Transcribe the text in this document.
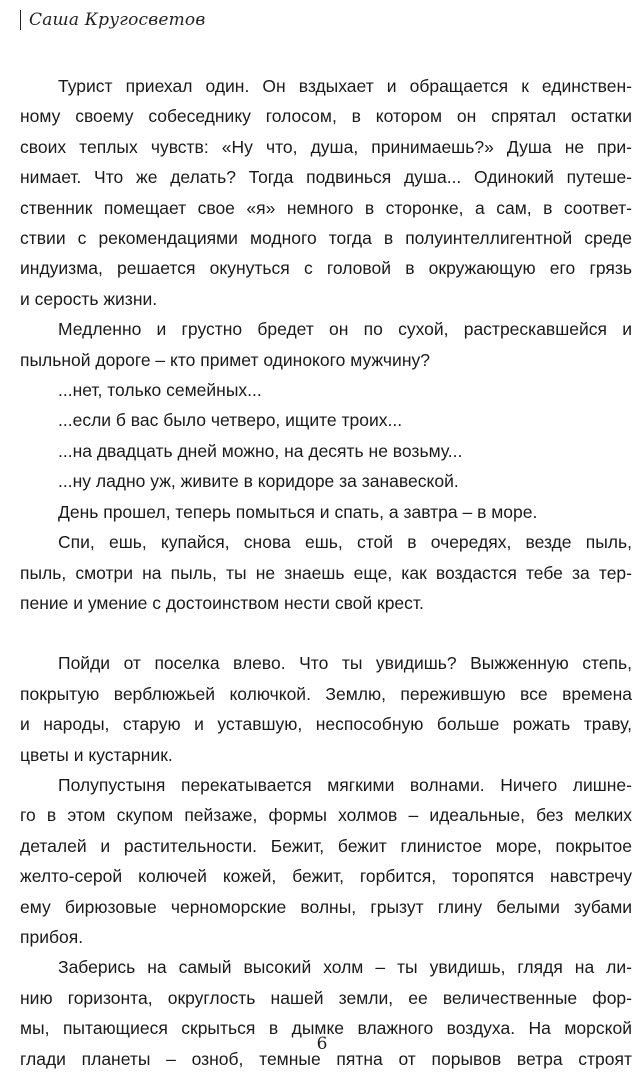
Саша Кругосветов
Турист приехал один. Он вздыхает и обращается к единствен-
ному своему собеседнику голосом, в котором он спрятал остатки
своих теплых чувств: «Ну что, душа, принимаешь?» Душа не при-
нимает. Что же делать? Тогда подвинься душа... Одинокий путеше-
ственник помещает свое «я» немного в сторонке, а сам, в соответ-
ствии с рекомендациями модного тогда в полуинтеллигентной среде
индуизма, решается окунуться с головой в окружающую его грязь
и серость жизни.
Медленно и грустно бредет он по сухой, растрескавшейся и
пыльной дороге – кто примет одинокого мужчину?
...нет, только семейных...
...если б вас было четверо, ищите троих...
...на двадцать дней можно, на десять не возьму...
...ну ладно уж, живите в коридоре за занавеской.
День прошел, теперь помыться и спать, а завтра – в море.
Спи, ешь, купайся, снова ешь, стой в очередях, везде пыль,
пыль, смотри на пыль, ты не знаешь еще, как воздастся тебе за тер-
пение и умение с достоинством нести свой крест.
Пойди от поселка влево. Что ты увидишь? Выжженную степь,
покрытую верблюжьей колючкой. Землю, пережившую все времена
и народы, старую и уставшую, неспособную больше рожать траву,
цветы и кустарник.
Полупустыня перекатывается мягкими волнами. Ничего лишне-
го в этом скупом пейзаже, формы холмов – идеальные, без мелких
деталей и растительности. Бежит, бежит глинистое море, покрытое
желто-серой колючей кожей, бежит, горбится, торопятся навстречу
ему бирюзовые черноморские волны, грызут глину белыми зубами
прибоя.
Заберись на самый высокий холм – ты увидишь, глядя на ли-
нию горизонта, округлость нашей земли, ее величественные фор-
мы, пытающиеся скрыться в дымке влажного воздуха. На морской
глади планеты – озноб, темные пятна от порывов ветра строят
6
